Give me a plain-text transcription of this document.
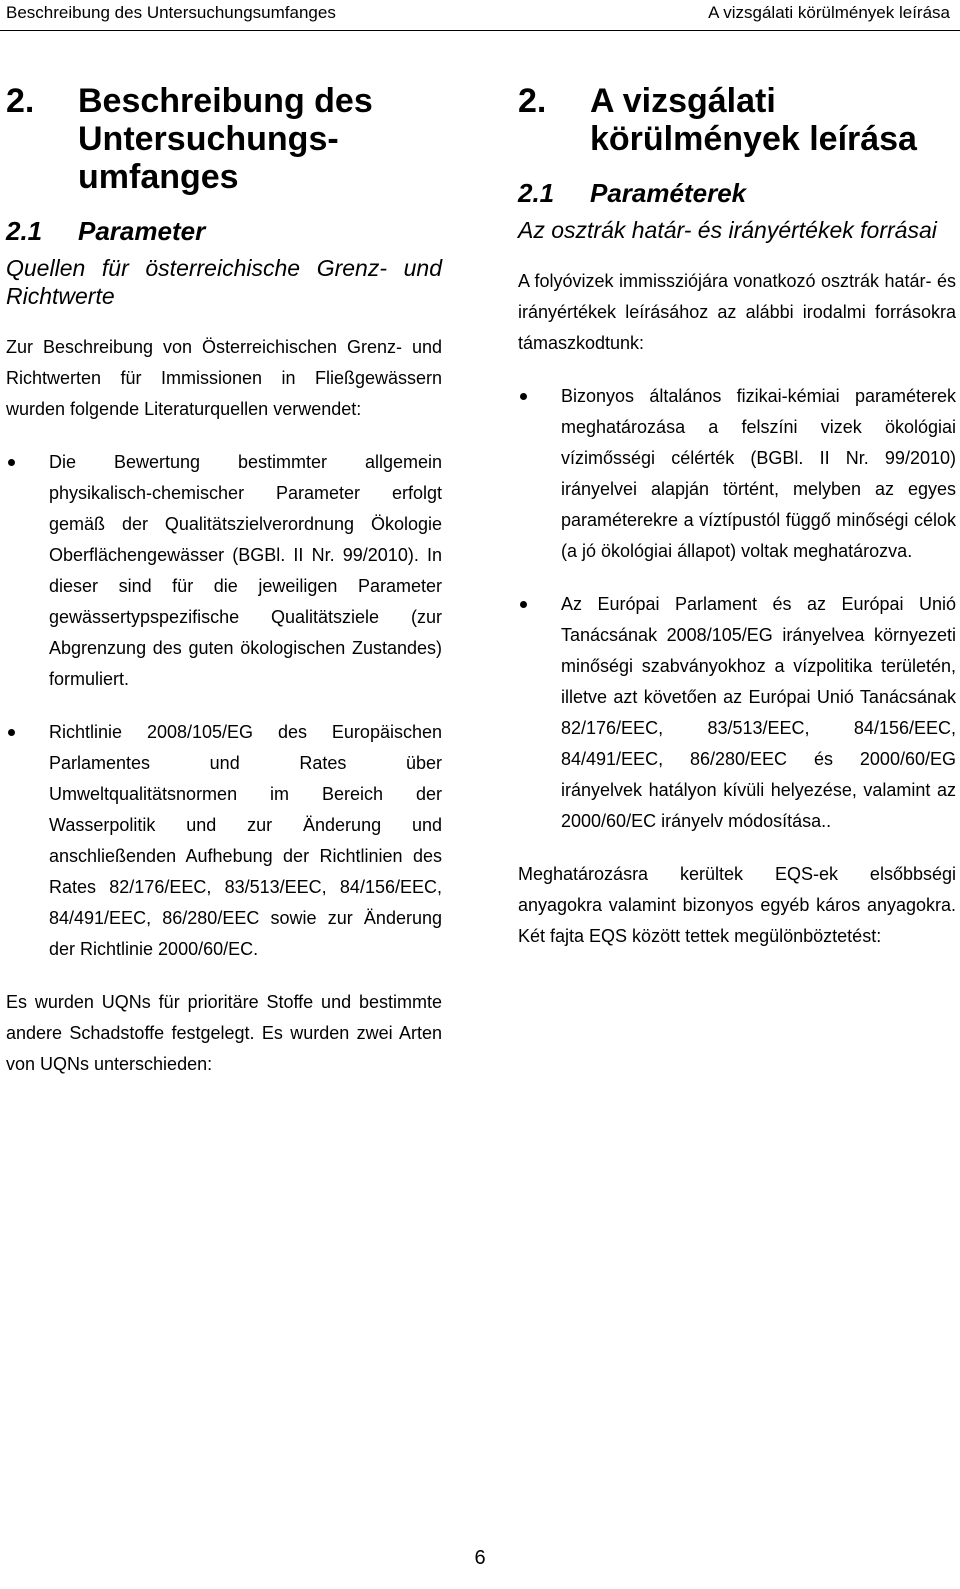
Beschreibung des Untersuchungsumfanges	A vizsgálati körülmények leírása
2.	Beschreibung des Untersuchungs-umfanges
2.1	Parameter
Quellen für österreichische Grenz- und Richtwerte
Zur Beschreibung von Österreichischen Grenz- und Richtwerten für Immissionen in Fließgewässern wurden folgende Literaturquellen verwendet:
Die Bewertung bestimmter allgemein physikalisch-chemischer Parameter erfolgt gemäß der Qualitätszielverordnung Ökologie Oberflächengewässer (BGBl. II Nr. 99/2010). In dieser sind für die jeweiligen Parameter gewässertypspezifische Qualitätsziele (zur Abgrenzung des guten ökologischen Zustandes) formuliert.
Richtlinie 2008/105/EG des Europäischen Parlamentes und Rates über Umweltqualitätsnormen im Bereich der Wasserpolitik und zur Änderung und anschließenden Aufhebung der Richtlinien des Rates 82/176/EEC, 83/513/EEC, 84/156/EEC, 84/491/EEC, 86/280/EEC sowie zur Änderung der Richtlinie 2000/60/EC.
Es wurden UQNs für prioritäre Stoffe und bestimmte andere Schadstoffe festgelegt. Es wurden zwei Arten von UQNs unterschieden:
2.	A vizsgálati körülmények leírása
2.1	Paraméterek
Az osztrák határ- és irányértékek forrásai
A folyóvizek immissziójára vonatkozó osztrák határ- és irányértékek leírásához az alábbi irodalmi forrásokra támaszkodtunk:
Bizonyos általános fizikai-kémiai paraméterek meghatározása a felszíni vizek ökológiai vízimősségi célérték (BGBl. II Nr. 99/2010) irányelvei alapján történt, melyben az egyes paraméterekre a víztípustól függő minőségi célok (a jó ökológiai állapot) voltak meghatározva.
Az Európai Parlament és az Európai Unió Tanácsának 2008/105/EG irányelvea környezeti minőségi szabványokhoz a vízpolitika területén, illetve azt követően az Európai Unió Tanácsának 82/176/EEC, 83/513/EEC, 84/156/EEC, 84/491/EEC, 86/280/EEC és 2000/60/EG irányelvek hatályon kívüli helyezése, valamint az 2000/60/EC irányelv módosítása..
Meghatározásra kerültek EQS-ek elsőbbségi anyagokra valamint bizonyos egyéb káros anyagokra. Két fajta EQS között tettek megülönböztetést:
6
